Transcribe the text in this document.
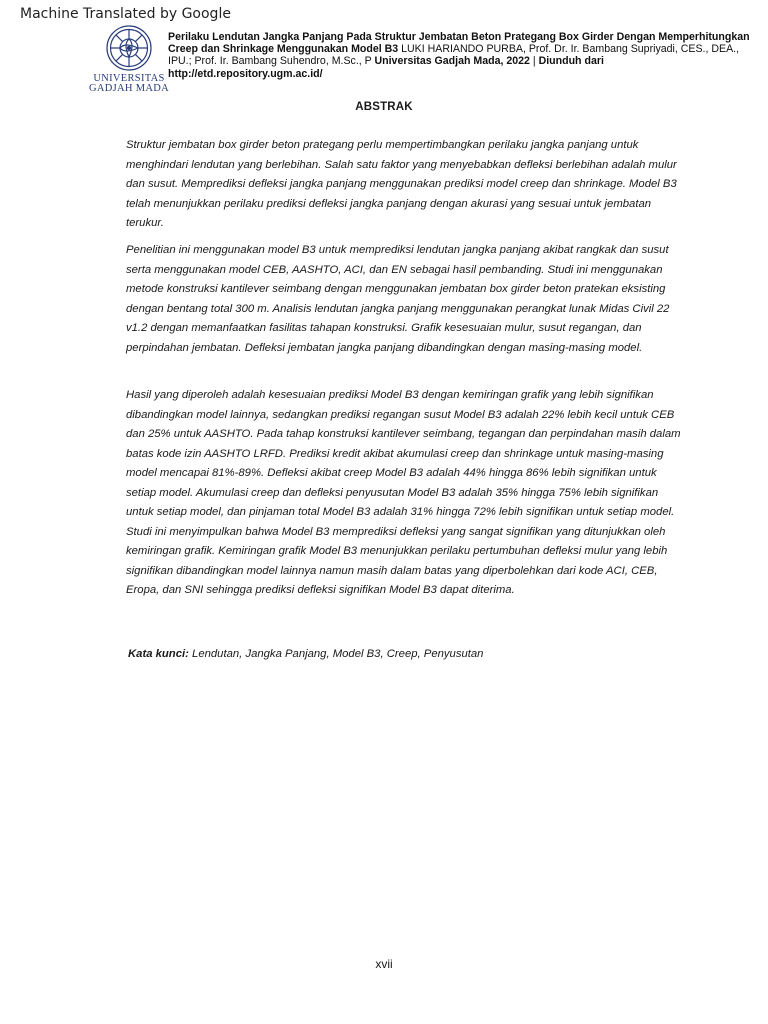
Machine Translated by Google
UNIVERSITAS
GADJAH MADA
Perilaku Lendutan Jangka Panjang Pada Struktur Jembatan Beton Prategang Box Girder Dengan Memperhitungkan Creep dan Shrinkage Menggunakan Model B3 LUKI HARIANDO PURBA, Prof. Dr. Ir. Bambang Supriyadi, CES., DEA., IPU.; Prof. Ir. Bambang Suhendro, M.Sc., P Universitas Gadjah Mada, 2022 | Diunduh dari http://etd.repository.ugm.ac.id/
ABSTRAK
Struktur jembatan box girder beton prategang perlu mempertimbangkan perilaku jangka panjang untuk menghindari lendutan yang berlebihan. Salah satu faktor yang menyebabkan defleksi berlebihan adalah mulur dan susut. Memprediksi defleksi jangka panjang menggunakan prediksi model creep dan shrinkage. Model B3 telah menunjukkan perilaku prediksi defleksi jangka panjang dengan akurasi yang sesuai untuk jembatan terukur.
Penelitian ini menggunakan model B3 untuk memprediksi lendutan jangka panjang akibat rangkak dan susut serta menggunakan model CEB, AASHTO, ACI, dan EN sebagai hasil pembanding. Studi ini menggunakan metode konstruksi kantilever seimbang dengan menggunakan jembatan box girder beton pratekan eksisting dengan bentang total 300 m. Analisis lendutan jangka panjang menggunakan perangkat lunak Midas Civil 22 v1.2 dengan memanfaatkan fasilitas tahapan konstruksi. Grafik kesesuaian mulur, susut regangan, dan perpindahan jembatan. Defleksi jembatan jangka panjang dibandingkan dengan masing-masing model.
Hasil yang diperoleh adalah kesesuaian prediksi Model B3 dengan kemiringan grafik yang lebih signifikan dibandingkan model lainnya, sedangkan prediksi regangan susut Model B3 adalah 22% lebih kecil untuk CEB dan 25% untuk AASHTO. Pada tahap konstruksi kantilever seimbang, tegangan dan perpindahan masih dalam batas kode izin AASHTO LRFD. Prediksi kredit akibat akumulasi creep dan shrinkage untuk masing-masing model mencapai 81%-89%. Defleksi akibat creep Model B3 adalah 44% hingga 86% lebih signifikan untuk setiap model. Akumulasi creep dan defleksi penyusutan Model B3 adalah 35% hingga 75% lebih signifikan untuk setiap model, dan pinjaman total Model B3 adalah 31% hingga 72% lebih signifikan untuk setiap model. Studi ini menyimpulkan bahwa Model B3 memprediksi defleksi yang sangat signifikan yang ditunjukkan oleh kemiringan grafik. Kemiringan grafik Model B3 menunjukkan perilaku pertumbuhan defleksi mulur yang lebih signifikan dibandingkan model lainnya namun masih dalam batas yang diperbolehkan dari kode ACI, CEB, Eropa, dan SNI sehingga prediksi defleksi signifikan Model B3 dapat diterima.
Kata kunci: Lendutan, Jangka Panjang, Model B3, Creep, Penyusutan
xvii
